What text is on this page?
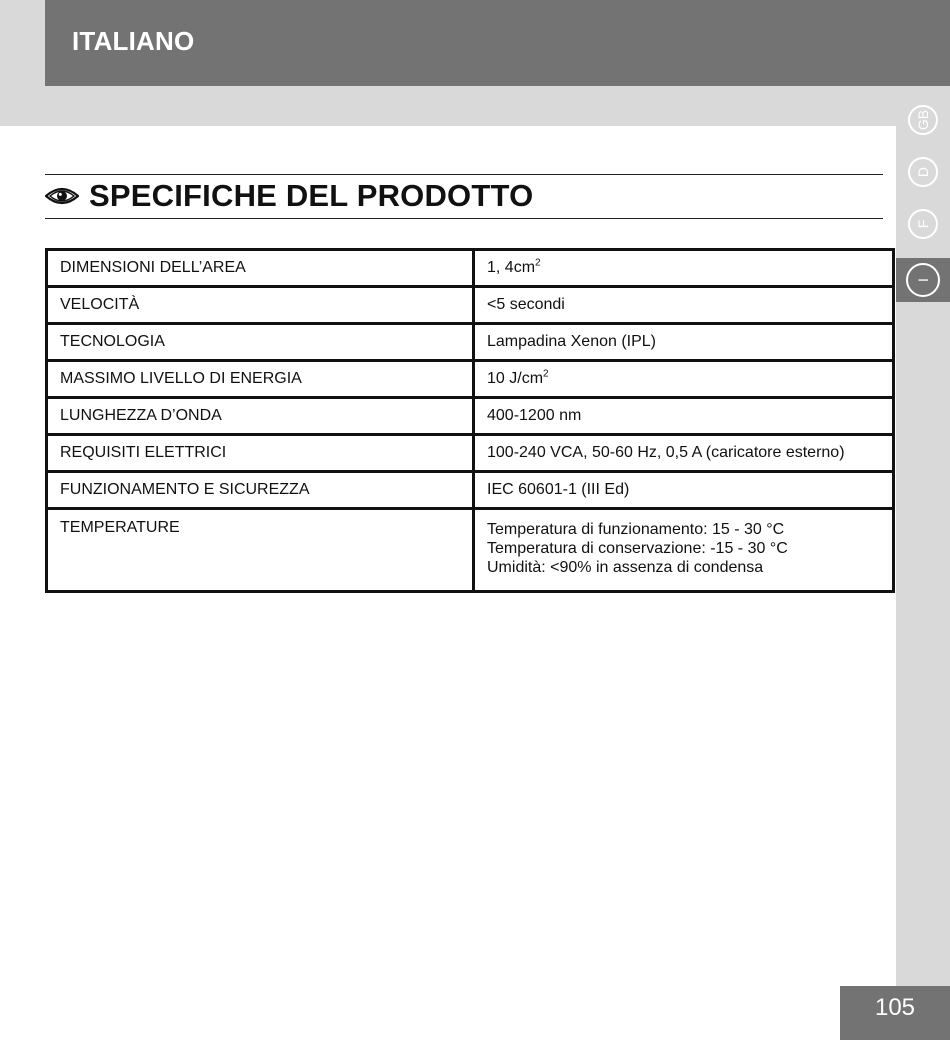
ITALIANO
GB
D
F
I
SPECIFICHE DEL PRODOTTO
DIMENSIONI DELL’AREA	1, $4cm^2$
VELOCITÀ	<5 secondi
TECNOLOGIA	Lampadina Xenon (IPL)
MASSIMO LIVELLO DI ENERGIA	10 $J/cm^2$
LUNGHEZZA D’ONDA	400-1200 nm
REQUISITI ELETTRICI	100-240 VCA, 50-60 Hz, 0,5 A (caricatore esterno)
FUNZIONAMENTO E SICUREZZA	IEC 60601-1 (III Ed)
TEMPERATURE	Temperatura di funzionamento: 15 - 30 °C
Temperatura di conservazione: -15 - 30 °C
Umidità: <90% in assenza di condensa
105
